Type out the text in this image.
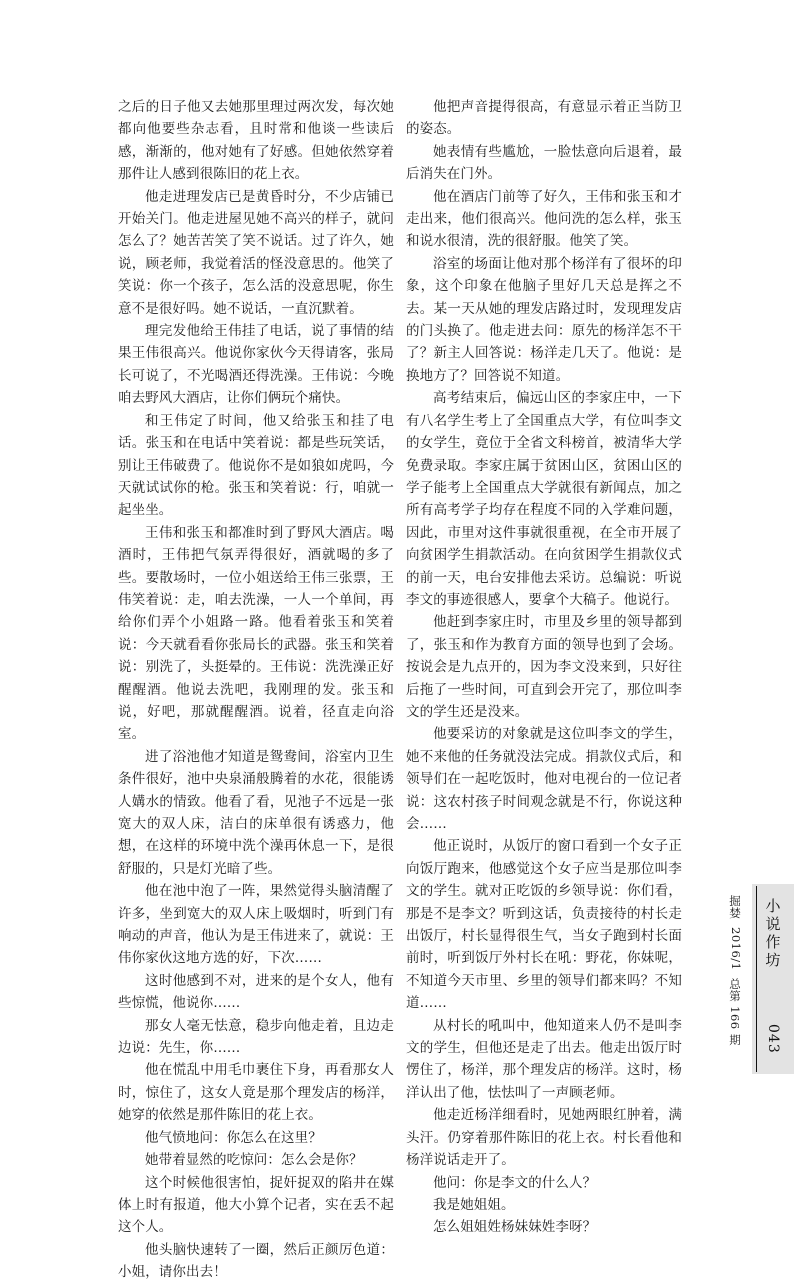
之后的日子他又去她那里理过两次发，每次她都向他要些杂志看，且时常和他谈一些读后感，渐渐的，他对她有了好感。但她依然穿着那件让人感到很陈旧的花上衣。

他走进理发店已是黄昏时分，不少店铺已开始关门。他走进屋见她不高兴的样子，就问怎么了？她苦苦笑了笑不说话。过了许久，她说，顾老师，我觉着活的怪没意思的。他笑了笑说：你一个孩子，怎么活的没意思呢，你生意不是很好吗。她不说话，一直沉默着。

理完发他给王伟挂了电话，说了事情的结果王伟很高兴。他说你家伙今天得请客，张局长可说了，不光喝酒还得洗澡。王伟说：今晚咱去野风大酒店，让你们俩玩个痛快。

和王伟定了时间，他又给张玉和挂了电话。张玉和在电话中笑着说：都是些玩笑话，别让王伟破费了。他说你不是如狼如虎吗，今天就试试你的枪。张玉和笑着说：行，咱就一起坐坐。

王伟和张玉和都准时到了野风大酒店。喝酒时，王伟把气氛弄得很好，酒就喝的多了些。要散场时，一位小姐送给王伟三张票，王伟笑着说：走，咱去洗澡，一人一个单间，再给你们弄个小姐路一路。他看着张玉和笑着说：今天就看看你张局长的武器。张玉和笑着说：别洗了，头挺晕的。王伟说：洗洗澡正好醒醒酒。他说去洗吧，我刚理的发。张玉和说，好吧，那就醒醒酒。说着，径直走向浴室。

进了浴池他才知道是鸳鸯间，浴室内卫生条件很好，池中央泉涌般腾着的水花，很能诱人媾水的情致。他看了看，见池子不远是一张宽大的双人床，洁白的床单很有诱惑力，他想，在这样的环境中洗个澡再休息一下，是很舒服的，只是灯光暗了些。

他在池中泡了一阵，果然觉得头脑清醒了许多，坐到宽大的双人床上吸烟时，听到门有响动的声音，他认为是王伟进来了，就说：王伟你家伙这地方选的好，下次……

这时他感到不对，进来的是个女人，他有些惊慌，他说你……

那女人毫无怯意，稳步向他走着，且边走边说：先生，你……

他在慌乱中用毛巾裹住下身，再看那女人时，惊住了，这女人竟是那个理发店的杨洋，她穿的依然是那件陈旧的花上衣。

他气愤地问：你怎么在这里？

她带着显然的吃惊问：怎么会是你？

这个时候他很害怕，捉奸捉双的陷井在媒体上时有报道，他大小算个记者，实在丢不起这个人。

他头脑快速转了一圈，然后正颜厉色道：小姐，请你出去！

他把声音提得很高，有意显示着正当防卫的姿态。

她表情有些尴尬，一脸怯意向后退着，最后消失在门外。

他在酒店门前等了好久，王伟和张玉和才走出来，他们很高兴。他问洗的怎么样，张玉和说水很清，洗的很舒服。他笑了笑。

浴室的场面让他对那个杨洋有了很坏的印象，这个印象在他脑子里好几天总是挥之不去。某一天从她的理发店路过时，发现理发店的门头换了。他走进去问：原先的杨洋怎不干了？新主人回答说：杨洋走几天了。他说：是换地方了？回答说不知道。

高考结束后，偏远山区的李家庄中，一下有八名学生考上了全国重点大学，有位叫李文的女学生，竟位于全省文科榜首，被清华大学免费录取。李家庄属于贫困山区，贫困山区的学子能考上全国重点大学就很有新闻点，加之所有高考学子均存在程度不同的入学难问题，因此，市里对这件事就很重视，在全市开展了向贫困学生捐款活动。在向贫困学生捐款仪式的前一天，电台安排他去采访。总编说：听说李文的事迹很感人，要拿个大稿子。他说行。

他赶到李家庄时，市里及乡里的领导都到了，张玉和作为教育方面的领导也到了会场。按说会是九点开的，因为李文没来到，只好往后拖了一些时间，可直到会开完了，那位叫李文的学生还是没来。

他要采访的对象就是这位叫李文的学生，她不来他的任务就没法完成。捐款仪式后，和领导们在一起吃饭时，他对电视台的一位记者说：这农村孩子时间观念就是不行，你说这种会……

他正说时，从饭厅的窗口看到一个女子正向饭厅跑来，他感觉这个女子应当是那位叫李文的学生。就对正吃饭的乡领导说：你们看，那是不是李文？听到这话，负责接待的村长走出饭厅，村长显得很生气，当女子跑到村长面前时，听到饭厅外村长在吼：野花，你妹呢，不知道今天市里、乡里的领导们都来吗？不知道……

从村长的吼叫中，他知道来人仍不是叫李文的学生，但他还是走了出去。他走出饭厅时愣住了，杨洋，那个理发店的杨洋。这时，杨洋认出了他，怯怯叫了一声顾老师。

他走近杨洋细看时，见她两眼红肿着，满头汗。仍穿着那件陈旧的花上衣。村长看他和杨洋说话走开了。

他问：你是李文的什么人？

我是她姐姐。

怎么姐姐姓杨妹妹姓李呀？

掘婪
2016/1
总第 166 期
小说作坊
043
